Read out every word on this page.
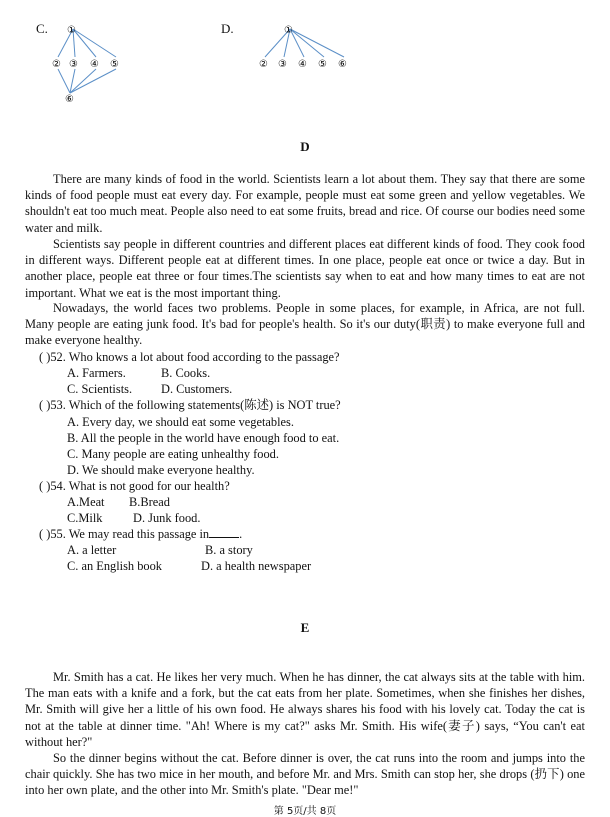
C. ①
② ③ ④ ⑤
⑥
D.	①
② ③ ④ ⑤ ⑥
D

There are many kinds of food in the world. Scientists learn a lot about them. They say that there are some kinds of food people must eat every day. For example, people must eat some green and yellow vegetables. We shouldn't eat too much meat. People also need to eat some fruits, bread and rice. Of course our bodies need some water and milk.

Scientists say people in different countries and different places eat different kinds of food. They cook food in different ways. Different people eat at different times. In one place, people eat once or twice a day. But in another place, people eat three or four times.The scientists say when to eat and how many times to eat are not important. What we eat is the most important thing.

Nowadays, the world faces two problems. People in some places, for example, in Africa, are not full. Many people are eating junk food. It's bad for people's health. So it's our duty(职责) to make everyone full and make everyone healthy.

( )52. Who knows a lot about food according to the passage?
A. Farmers.	B. Cooks.
C. Scientists. D. Customers.
( )53. Which of the following statements(陈述) is NOT true?
A. Every day, we should eat some vegetables.
B. All the people in the world have enough food to eat.
C. Many people are eating unhealthy food.
D. We should make everyone healthy.
( )54. What is not good for our health?
A.Meat B.Bread
C.Milk D. Junk food.
( )55. We may read this passage in .
A. a letter	B. a story
C. an English book	D. a health newspaper
E

Mr. Smith has a cat. He likes her very much. When he has dinner, the cat always sits at the table with him. The man eats with a knife and a fork, but the cat eats from her plate. Sometimes, when she finishes her dishes, Mr. Smith will give her a little of his own food. He always shares his food with his lovely cat. Today the cat is not at the table at dinner time. "Ah! Where is my cat?" asks Mr. Smith. His wife(妻子) says, “You can't eat without her?"

So the dinner begins without the cat. Before dinner is over, the cat runs into the room and jumps into the chair quickly. She has two mice in her mouth, and before Mr. and Mrs. Smith can stop her, she drops (扔下) one into her own plate, and the other into Mr. Smith's plate. "Dear me!"

第 5页/共 8页
